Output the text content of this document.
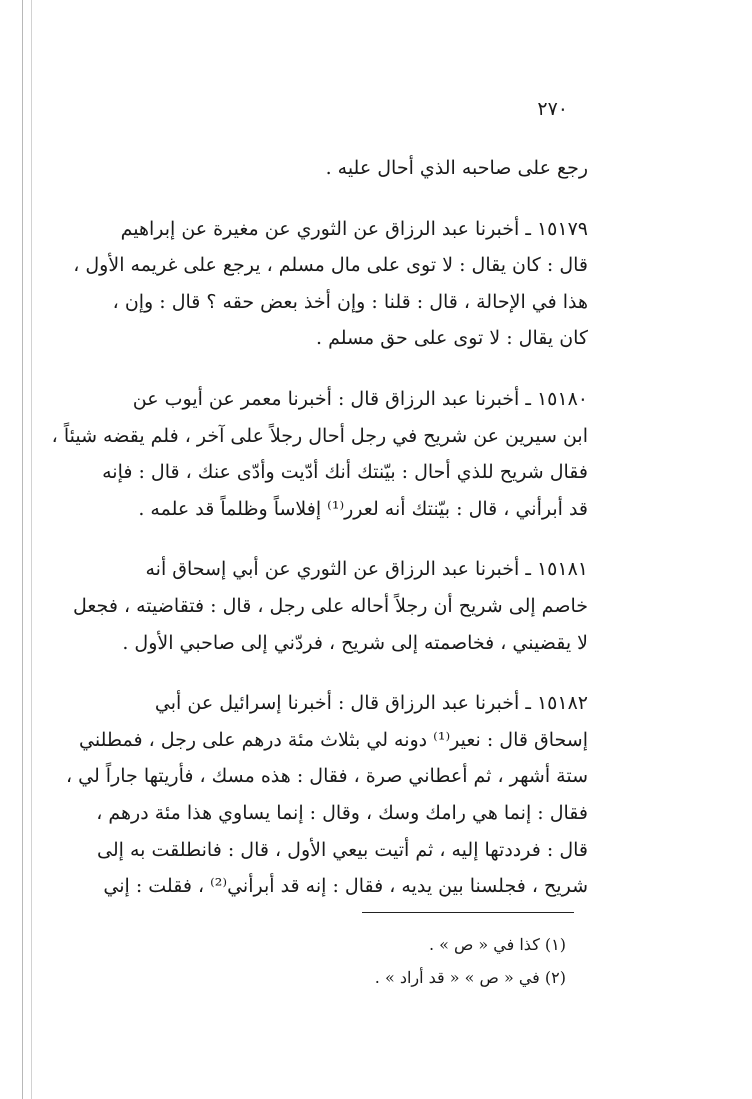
٢٧٠
رجع على صاحبه الذي أحال عليه .
١٥١٧٩ ـ أخبرنا عبد الرزاق عن الثوري عن مغيرة عن إبراهيم
قال : كان يقال : لا توى على مال مسلم ، يرجع على غريمه الأول ،
هذا في الإحالة ، قال : قلنا : وإن أخذ بعض حقه ؟ قال : وإن ،
كان يقال : لا توى على حق مسلم .
١٥١٨٠ ـ أخبرنا عبد الرزاق قال : أخبرنا معمر عن أيوب عن
ابن سيرين عن شريح في رجل أحال رجلاً على آخر ، فلم يقضه شيئاً ،
فقال شريح للذي أحال : بيّنتك أنك أدّيت وأدّى عنك ، قال : فإنه
قد أبرأني ، قال : بيّنتك أنه لعرر⁽¹⁾ إفلاساً وظلماً قد علمه .
١٥١٨١ ـ أخبرنا عبد الرزاق عن الثوري عن أبي إسحاق أنه
خاصم إلى شريح أن رجلاً أحاله على رجل ، قال : فتقاضيته ، فجعل
لا يقضيني ، فخاصمته إلى شريح ، فردّني إلى صاحبي الأول .
١٥١٨٢ ـ أخبرنا عبد الرزاق قال : أخبرنا إسرائيل عن أبي
إسحاق قال : نعير⁽¹⁾ دونه لي بثلاث مئة درهم على رجل ، فمطلني
ستة أشهر ، ثم أعطاني صرة ، فقال : هذه مسك ، فأريتها جاراً لي ،
فقال : إنما هي رامك وسك ، وقال : إنما يساوي هذا مئة درهم ،
قال : فرددتها إليه ، ثم أتيت بيعي الأول ، قال : فانطلقت به إلى
شريح ، فجلسنا بين يديه ، فقال : إنه قد أبرأني⁽²⁾ ، فقلت : إني
(١) كذا في « ص » .
(٢) في « ص » « قد أراد » .
